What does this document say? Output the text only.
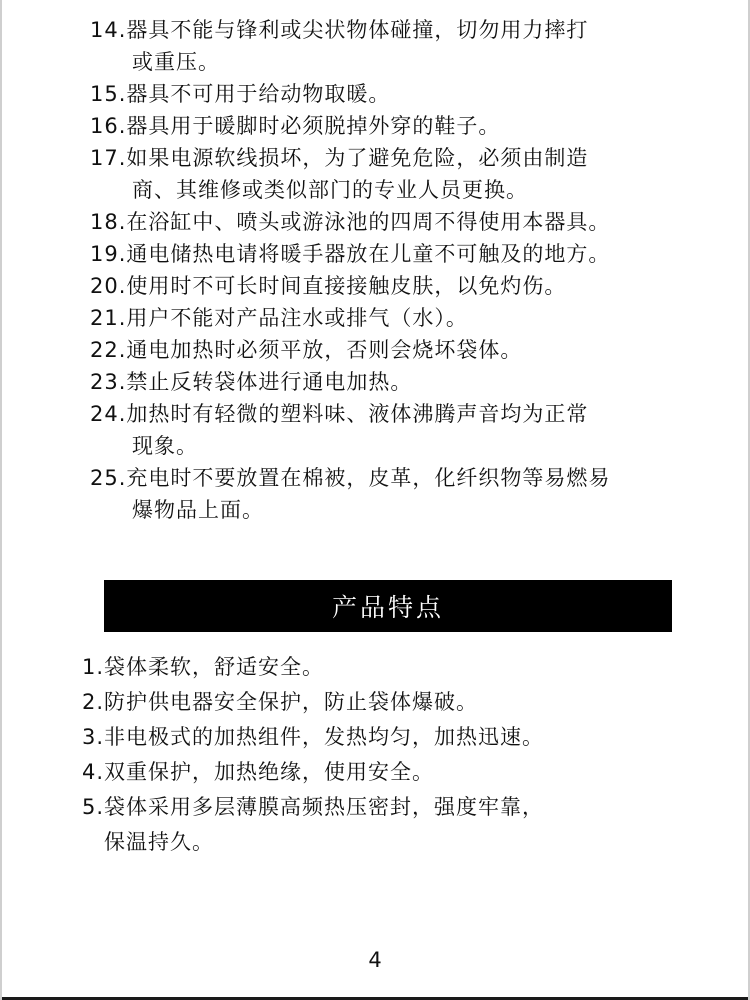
14.器具不能与锋利或尖状物体碰撞，切勿用力摔打
或重压。
15.器具不可用于给动物取暖。
16.器具用于暖脚时必须脱掉外穿的鞋子。
17.如果电源软线损坏，为了避免危险，必须由制造
商、其维修或类似部门的专业人员更换。
18.在浴缸中、喷头或游泳池的四周不得使用本器具。
19.通电储热电请将暖手器放在儿童不可触及的地方。
20.使用时不可长时间直接接触皮肤，以免灼伤。
21.用户不能对产品注水或排气（水）。
22.通电加热时必须平放，否则会烧坏袋体。
23.禁止反转袋体进行通电加热。
24.加热时有轻微的塑料味、液体沸腾声音均为正常
现象。
25.充电时不要放置在棉被，皮革，化纤织物等易燃易
爆物品上面。
产品特点
1.袋体柔软，舒适安全。
2.防护供电器安全保护，防止袋体爆破。
3.非电极式的加热组件，发热均匀，加热迅速。
4.双重保护，加热绝缘，使用安全。
5.袋体采用多层薄膜高频热压密封，强度牢靠，
保温持久。
4
